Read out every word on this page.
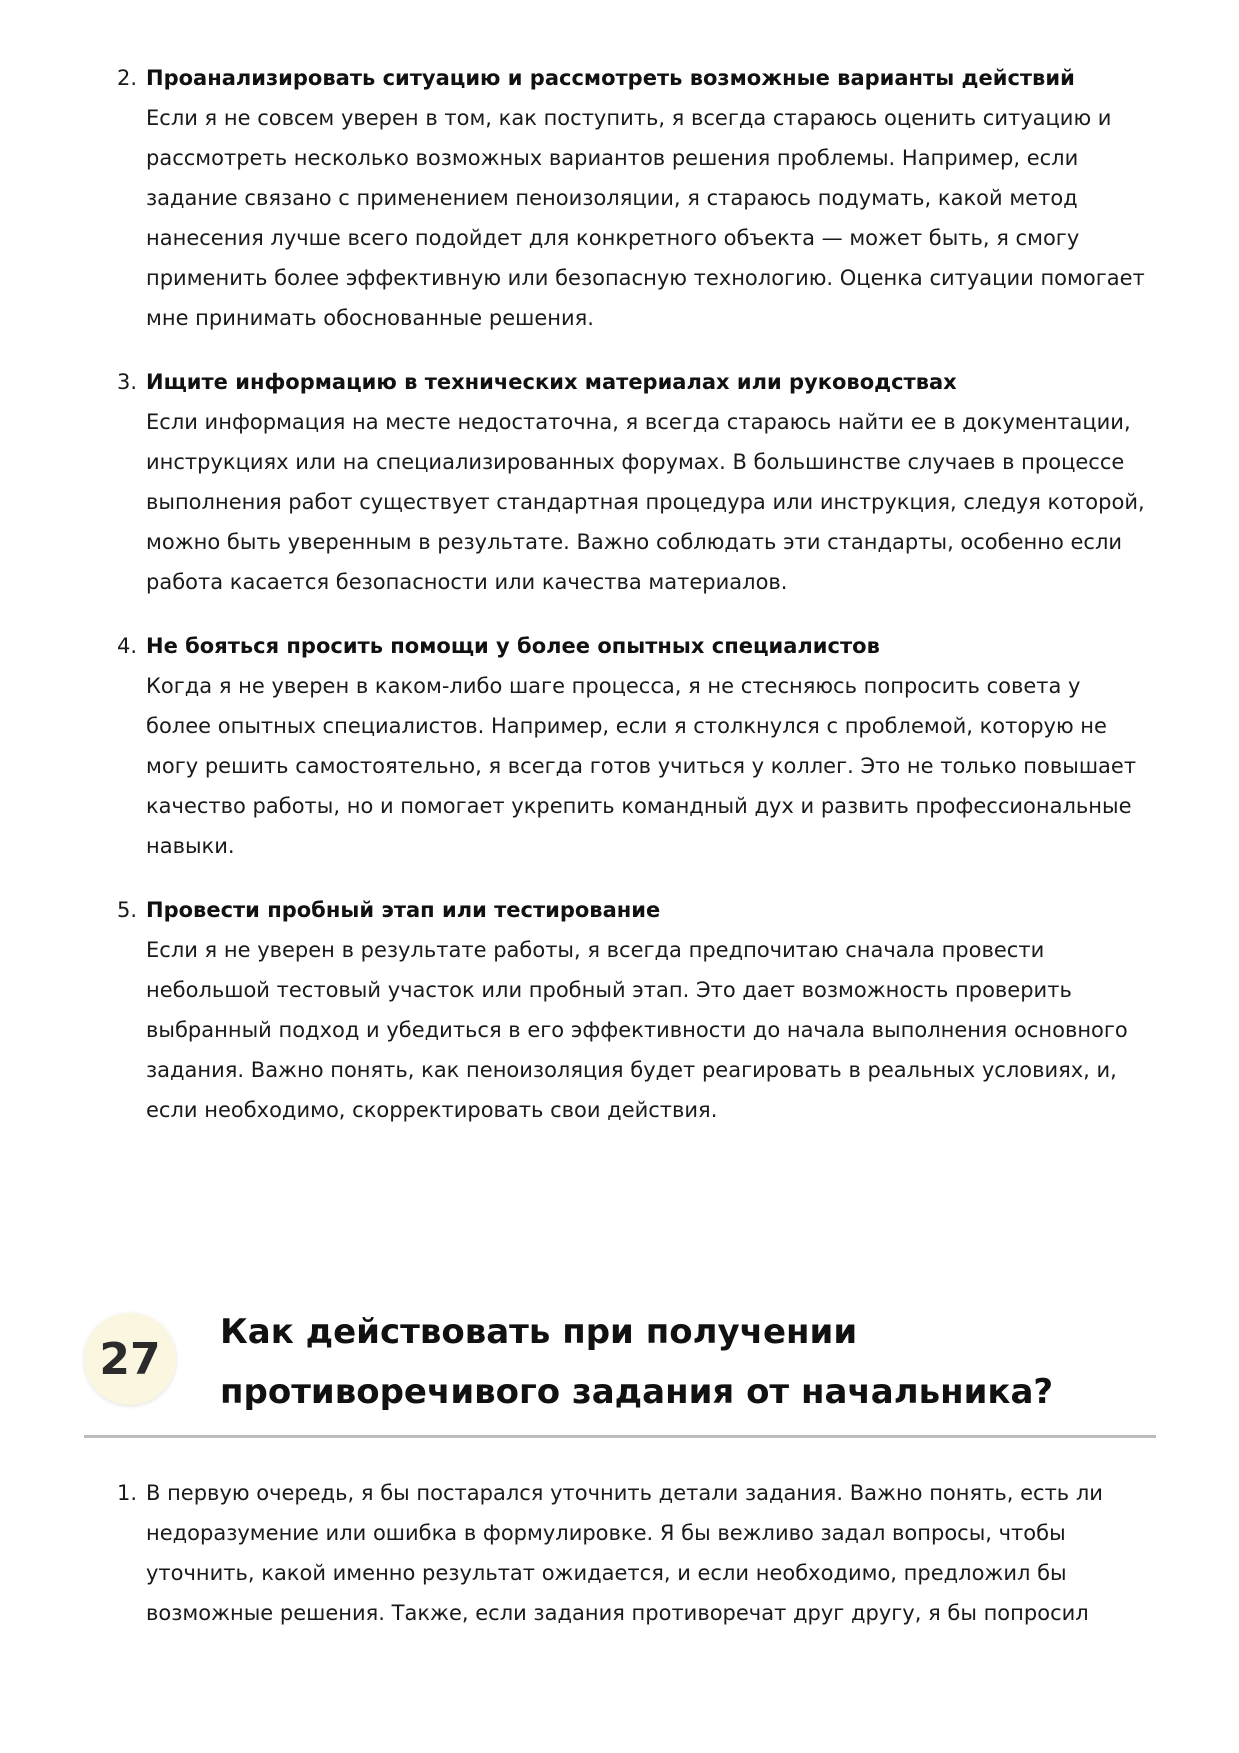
2. Проанализировать ситуацию и рассмотреть возможные варианты действий

Если я не совсем уверен в том, как поступить, я всегда стараюсь оценить ситуацию и рассмотреть несколько возможных вариантов решения проблемы. Например, если задание связано с применением пеноизоляции, я стараюсь подумать, какой метод нанесения лучше всего подойдет для конкретного объекта — может быть, я смогу применить более эффективную или безопасную технологию. Оценка ситуации помогает мне принимать обоснованные решения.

3. Ищите информацию в технических материалах или руководствах

Если информация на месте недостаточна, я всегда стараюсь найти ее в документации, инструкциях или на специализированных форумах. В большинстве случаев в процессе выполнения работ существует стандартная процедура или инструкция, следуя которой, можно быть уверенным в результате. Важно соблюдать эти стандарты, особенно если работа касается безопасности или качества материалов.

4. Не бояться просить помощи у более опытных специалистов

Когда я не уверен в каком-либо шаге процесса, я не стесняюсь попросить совета у более опытных специалистов. Например, если я столкнулся с проблемой, которую не могу решить самостоятельно, я всегда готов учиться у коллег. Это не только повышает качество работы, но и помогает укрепить командный дух и развить профессиональные навыки.

5. Провести пробный этап или тестирование

Если я не уверен в результате работы, я всегда предпочитаю сначала провести небольшой тестовый участок или пробный этап. Это дает возможность проверить выбранный подход и убедиться в его эффективности до начала выполнения основного задания. Важно понять, как пеноизоляция будет реагировать в реальных условиях, и, если необходимо, скорректировать свои действия.

27
Как действовать при получении противоречивого задания от начальника?
1. В первую очередь, я бы постарался уточнить детали задания. Важно понять, есть ли недоразумение или ошибка в формулировке. Я бы вежливо задал вопросы, чтобы уточнить, какой именно результат ожидается, и если необходимо, предложил бы возможные решения. Также, если задания противоречат друг другу, я бы попросил
